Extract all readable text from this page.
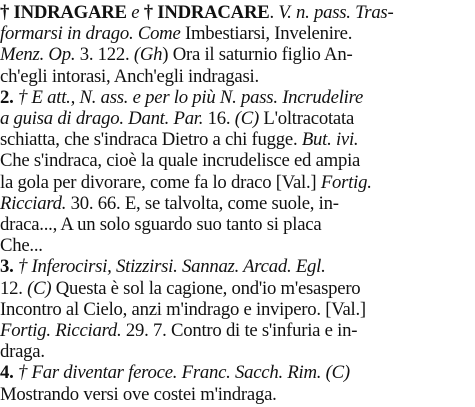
† INDRAGARE e † INDRACARE. V. n. pass. Tras-
formarsi in drago. Come Imbestiarsi, Invelenire.
Menz. Op. 3. 122. (Gh) Ora il saturnio figlio An-
ch'egli intorasi, Anch'egli indragasi.
2. † E att., N. ass. e per lo più N. pass. Incrudelire
a guisa di drago. Dant. Par. 16. (C) L'oltracotata
schiatta, che s'indraca Dietro a chi fugge. But. ivi.
Che s'indraca, cioè la quale incrudelisce ed ampia
la gola per divorare, come fa lo draco [Val.] Fortig.
Ricciard. 30. 66. E, se talvolta, come suole, in-
draca..., A un solo sguardo suo tanto si placa
Che...
3. † Inferocirsi, Stizzirsi. Sannaz. Arcad. Egl.
12. (C) Questa è sol la cagione, ond'io m'esaspero
Incontro al Cielo, anzi m'indrago e invipero. [Val.]
Fortig. Ricciard. 29. 7. Contro di te s'infuria e in-
draga.
4. † Far diventar feroce. Franc. Sacch. Rim. (C)
Mostrando versi ove costei m'indraga.
